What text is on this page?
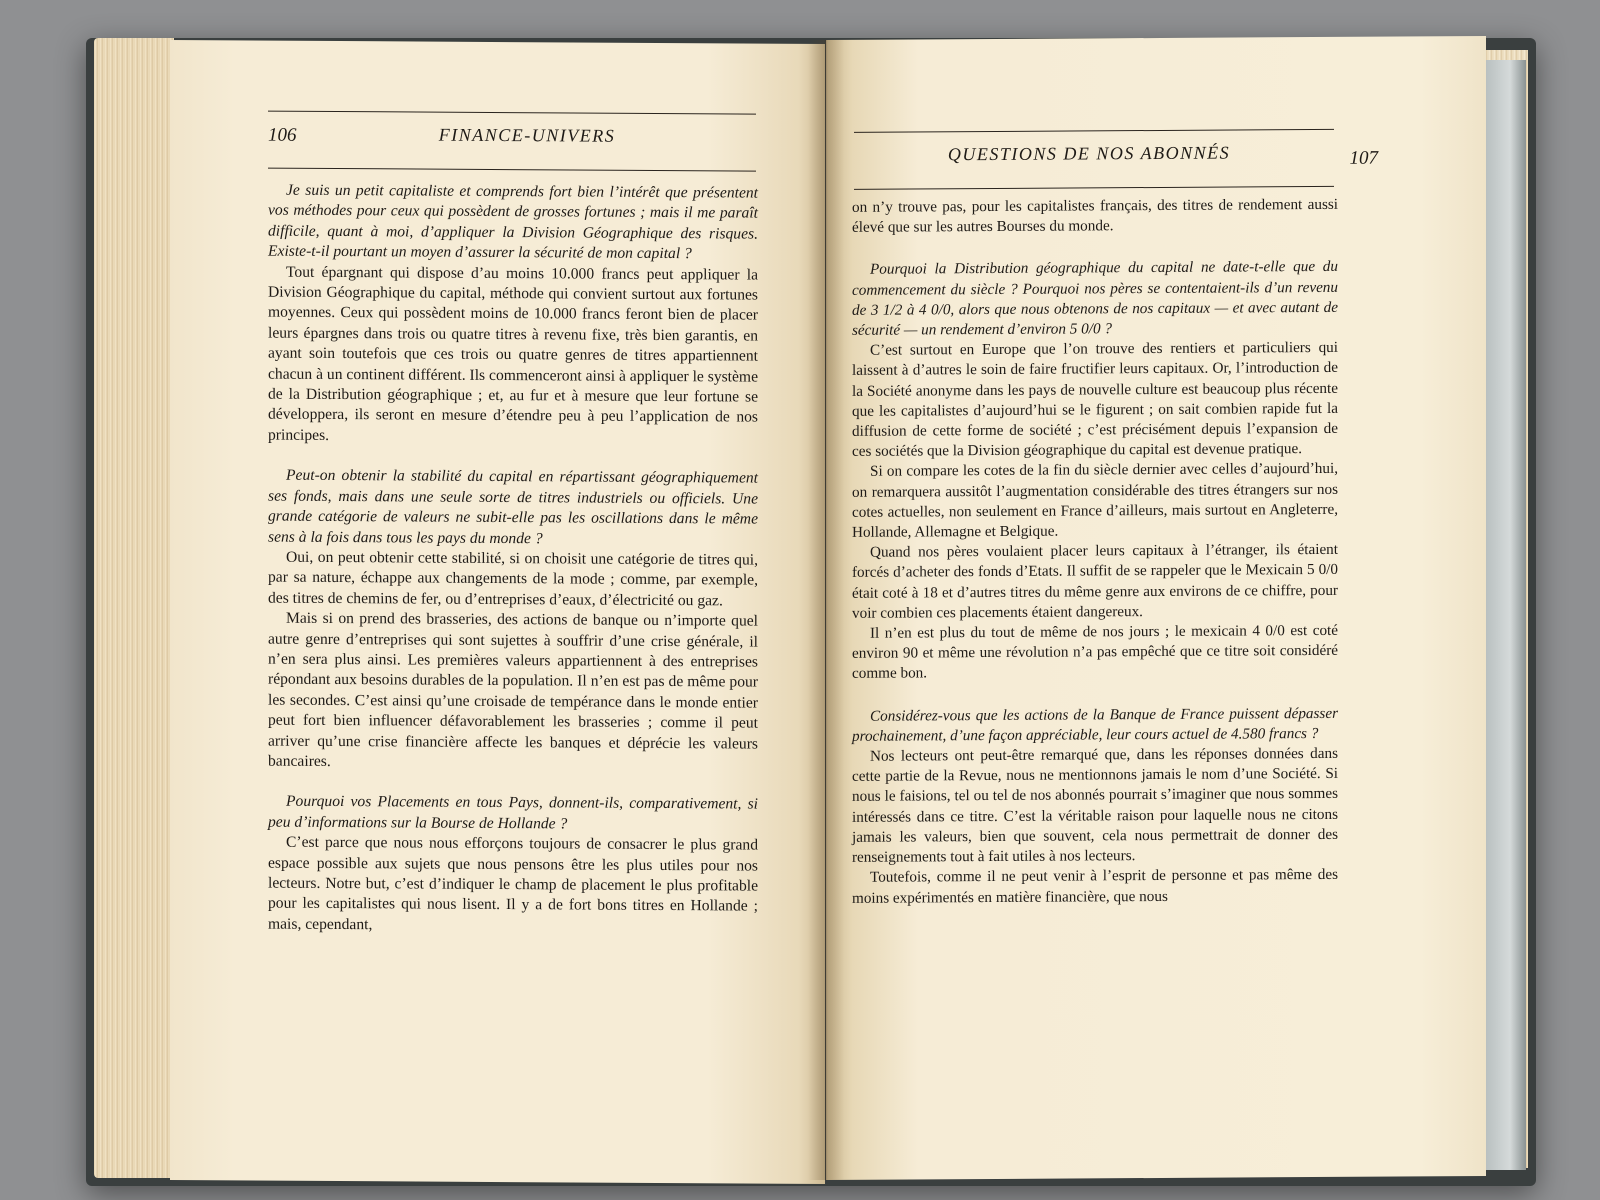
106	FINANCE-UNIVERS

Je suis un petit capitaliste et comprends fort bien l’intérêt que présentent vos méthodes pour ceux qui possèdent de grosses fortunes ; mais il me paraît difficile, quant à moi, d’appliquer la Division Géographique des risques. Existe-t-il pourtant un moyen d’assurer la sécurité de mon capital ?

Tout épargnant qui dispose d’au moins 10.000 francs peut appliquer la Division Géographique du capital, méthode qui convient surtout aux fortunes moyennes. Ceux qui possèdent moins de 10.000 francs feront bien de placer leurs épargnes dans trois ou quatre titres à revenu fixe, très bien garantis, en ayant soin toutefois que ces trois ou quatre genres de titres appartiennent chacun à un continent différent. Ils commenceront ainsi à appliquer le système de la Distribution géographique ; et, au fur et à mesure que leur fortune se développera, ils seront en mesure d’étendre peu à peu l’application de nos principes.

Peut-on obtenir la stabilité du capital en répartissant géographiquement ses fonds, mais dans une seule sorte de titres industriels ou officiels. Une grande catégorie de valeurs ne subit-elle pas les oscillations dans le même sens à la fois dans tous les pays du monde ?

Oui, on peut obtenir cette stabilité, si on choisit une catégorie de titres qui, par sa nature, échappe aux changements de la mode ; comme, par exemple, des titres de chemins de fer, ou d’entreprises d’eaux, d’électricité ou gaz.

Mais si on prend des brasseries, des actions de banque ou n’importe quel autre genre d’entreprises qui sont sujettes à souffrir d’une crise générale, il n’en sera plus ainsi. Les premières valeurs appartiennent à des entreprises répondant aux besoins durables de la population. Il n’en est pas de même pour les secondes. C’est ainsi qu’une croisade de tempérance dans le monde entier peut fort bien influencer défavorablement les brasseries ; comme il peut arriver qu’une crise financière affecte les banques et déprécie les valeurs bancaires.

Pourquoi vos Placements en tous Pays, donnent-ils, comparativement, si peu d’informations sur la Bourse de Hollande ?

C’est parce que nous nous efforçons toujours de consacrer le plus grand espace possible aux sujets que nous pensons être les plus utiles pour nos lecteurs. Notre but, c’est d’indiquer le champ de placement le plus profitable pour les capitalistes qui nous lisent. Il y a de fort bons titres en Hollande ; mais, cependant,

QUESTIONS DE NOS ABONNÉS	107

on n’y trouve pas, pour les capitalistes français, des titres de rendement aussi élevé que sur les autres Bourses du monde.

Pourquoi la Distribution géographique du capital ne date-t-elle que du commencement du siècle ? Pourquoi nos pères se contentaient-ils d’un revenu de 3 1/2 à 4 0/0, alors que nous obtenons de nos capitaux — et avec autant de sécurité — un rendement d’environ 5 0/0 ?

C’est surtout en Europe que l’on trouve des rentiers et particuliers qui laissent à d’autres le soin de faire fructifier leurs capitaux. Or, l’introduction de la Société anonyme dans les pays de nouvelle culture est beaucoup plus récente que les capitalistes d’aujourd’hui se le figurent ; on sait combien rapide fut la diffusion de cette forme de société ; c’est précisément depuis l’expansion de ces sociétés que la Division géographique du capital est devenue pratique.

Si on compare les cotes de la fin du siècle dernier avec celles d’aujourd’hui, on remarquera aussitôt l’augmentation considérable des titres étrangers sur nos cotes actuelles, non seulement en France d’ailleurs, mais surtout en Angleterre, Hollande, Allemagne et Belgique.

Quand nos pères voulaient placer leurs capitaux à l’étranger, ils étaient forcés d’acheter des fonds d’Etats. Il suffit de se rappeler que le Mexicain 5 0/0 était coté à 18 et d’autres titres du même genre aux environs de ce chiffre, pour voir combien ces placements étaient dangereux.

Il n’en est plus du tout de même de nos jours ; le mexicain 4 0/0 est coté environ 90 et même une révolution n’a pas empêché que ce titre soit considéré comme bon.

Considérez-vous que les actions de la Banque de France puissent dépasser prochainement, d’une façon appréciable, leur cours actuel de 4.580 francs ?

Nos lecteurs ont peut-être remarqué que, dans les réponses données dans cette partie de la Revue, nous ne mentionnons jamais le nom d’une Société. Si nous le faisions, tel ou tel de nos abonnés pourrait s’imaginer que nous sommes intéressés dans ce titre. C’est la véritable raison pour laquelle nous ne citons jamais les valeurs, bien que souvent, cela nous permettrait de donner des renseignements tout à fait utiles à nos lecteurs.

Toutefois, comme il ne peut venir à l’esprit de personne et pas même des moins expérimentés en matière financière, que nous
